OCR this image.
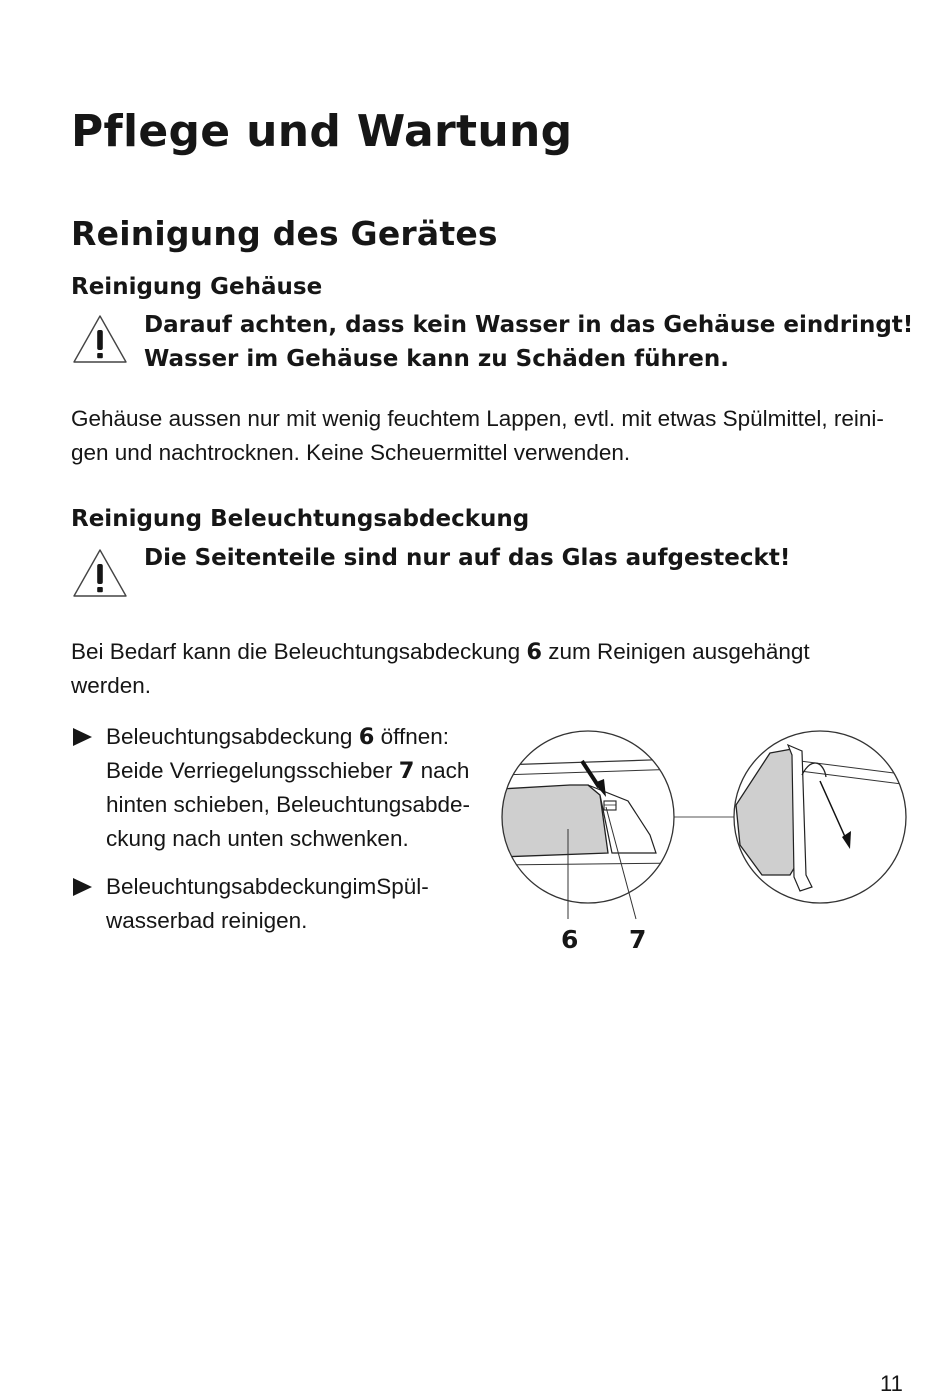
Pflege und Wartung
Reinigung des Gerätes
Reinigung Gehäuse
Darauf achten, dass kein Wasser in das Gehäuse eindringt!
Wasser im Gehäuse kann zu Schäden führen.
Gehäuse aussen nur mit wenig feuchtem Lappen, evtl. mit etwas Spülmittel, reini-
gen und nachtrocknen. Keine Scheuermittel verwenden.
Reinigung Beleuchtungsabdeckung
Die Seitenteile sind nur auf das Glas aufgesteckt!
Bei Bedarf kann die Beleuchtungsabdeckung 6 zum Reinigen ausgehängt
werden.
Beleuchtungsabdeckung 6 öffnen:
Beide Verriegelungsschieber 7 nach
hinten schieben, Beleuchtungsabde-
ckung nach unten schwenken.
BeleuchtungsabdeckungimSpül-
wasserbad reinigen.
6 7
11
